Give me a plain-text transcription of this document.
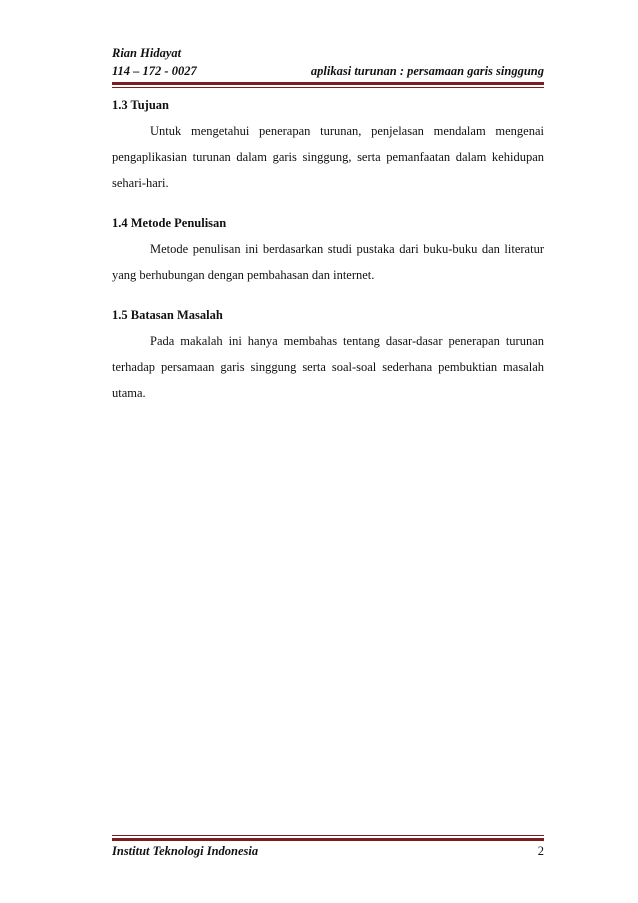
Rian Hidayat
114 – 172 - 0027	aplikasi turunan : persamaan garis singgung

1.3 Tujuan

Untuk mengetahui penerapan turunan, penjelasan mendalam mengenai pengaplikasian turunan dalam garis singgung, serta pemanfaatan dalam kehidupan sehari-hari.

1.4 Metode Penulisan

Metode penulisan ini berdasarkan studi pustaka dari buku-buku dan literatur yang berhubungan dengan pembahasan dan internet.

1.5 Batasan Masalah

Pada makalah ini hanya membahas tentang dasar-dasar penerapan turunan terhadap persamaan garis singgung serta soal-soal sederhana pembuktian masalah utama.

Institut Teknologi Indonesia	2
